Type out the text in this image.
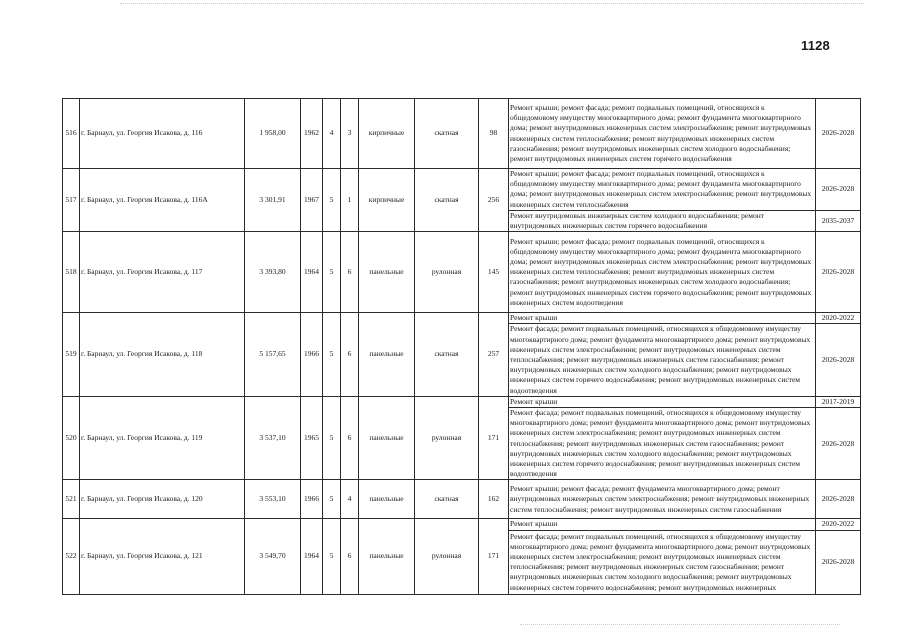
1128
516	г. Барнаул, ул. Георгия Исакова, д. 116	1 958,00	1962	4	3	кирпичные	скатная	98	Ремонт крыши; ремонт фасада; ремонт подвальных помещений, относящихся к общедомовому имуществу многоквартирного дома; ремонт фундамента многоквартирного дома; ремонт внутридомовых инженерных систем электроснабжения; ремонт внутридомовых инженерных систем теплоснабжения; ремонт внутридомовых инженерных систем газоснабжения; ремонт внутридомовых инженерных систем холодного водоснабжения; ремонт внутридомовых инженерных систем горячего водоснабжения	2026-2028
517	г. Барнаул, ул. Георгия Исакова, д. 116А	3 301,91	1967	5	1	кирпичные	скатная	256	Ремонт крыши; ремонт фасада; ремонт подвальных помещений, относящихся к общедомовому имуществу многоквартирного дома; ремонт фундамента многоквартирного дома; ремонт внутридомовых инженерных систем электроснабжения; ремонт внутридомовых инженерных систем теплоснабжения	2026-2028
									Ремонт внутридомовых инженерных систем холодного водоснабжения; ремонт внутридомовых инженерных систем горячего водоснабжения	2035-2037
518	г. Барнаул, ул. Георгия Исакова, д. 117	3 393,80	1964	5	6	панельные	рулонная	145	Ремонт крыши; ремонт фасада; ремонт подвальных помещений, относящихся к общедомовому имуществу многоквартирного дома; ремонт фундамента многоквартирного дома; ремонт внутридомовых инженерных систем электроснабжения; ремонт внутридомовых инженерных систем теплоснабжения; ремонт внутридомовых инженерных систем газоснабжения; ремонт внутридомовых инженерных систем холодного водоснабжения; ремонт внутридомовых инженерных систем горячего водоснабжения; ремонт внутридомовых инженерных систем водоотведения	2026-2028
519	г. Барнаул, ул. Георгия Исакова, д. 118	5 157,65	1966	5	6	панельные	скатная	257	Ремонт крыши	2020-2022
									Ремонт фасада; ремонт подвальных помещений, относящихся к общедомовому имуществу многоквартирного дома; ремонт фундамента многоквартирного дома; ремонт внутридомовых инженерных систем электроснабжения; ремонт внутридомовых инженерных систем теплоснабжения; ремонт внутридомовых инженерных систем газоснабжения; ремонт внутридомовых инженерных систем холодного водоснабжения; ремонт внутридомовых инженерных систем горячего водоснабжения; ремонт внутридомовых инженерных систем водоотведения	2026-2028
520	г. Барнаул, ул. Георгия Исакова, д. 119	3 537,10	1965	5	6	панельные	рулонная	171	Ремонт крыши	2017-2019
									Ремонт фасада; ремонт подвальных помещений, относящихся к общедомовому имуществу многоквартирного дома; ремонт фундамента многоквартирного дома; ремонт внутридомовых инженерных систем электроснабжения; ремонт внутридомовых инженерных систем теплоснабжения; ремонт внутридомовых инженерных систем газоснабжения; ремонт внутридомовых инженерных систем холодного водоснабжения; ремонт внутридомовых инженерных систем горячего водоснабжения; ремонт внутридомовых инженерных систем водоотведения	2026-2028
521	г. Барнаул, ул. Георгия Исакова, д. 120	3 553,10	1966	5	4	панельные	скатная	162	Ремонт крыши; ремонт фасада; ремонт фундамента многоквартирного дома; ремонт внутридомовых инженерных систем электроснабжения; ремонт внутридомовых инженерных систем теплоснабжения; ремонт внутридомовых инженерных систем газоснабжения	2026-2028
522	г. Барнаул, ул. Георгия Исакова, д. 121	3 549,70	1964	5	6	панельные	рулонная	171	Ремонт крыши	2020-2022
									Ремонт фасада; ремонт подвальных помещений, относящихся к общедомовому имуществу многоквартирного дома; ремонт фундамента многоквартирного дома; ремонт внутридомовых инженерных систем электроснабжения; ремонт внутридомовых инженерных систем теплоснабжения; ремонт внутридомовых инженерных систем газоснабжения; ремонт внутридомовых инженерных систем холодного водоснабжения; ремонт внутридомовых инженерных систем горячего водоснабжения; ремонт внутридомовых инженерных	2026-2028
